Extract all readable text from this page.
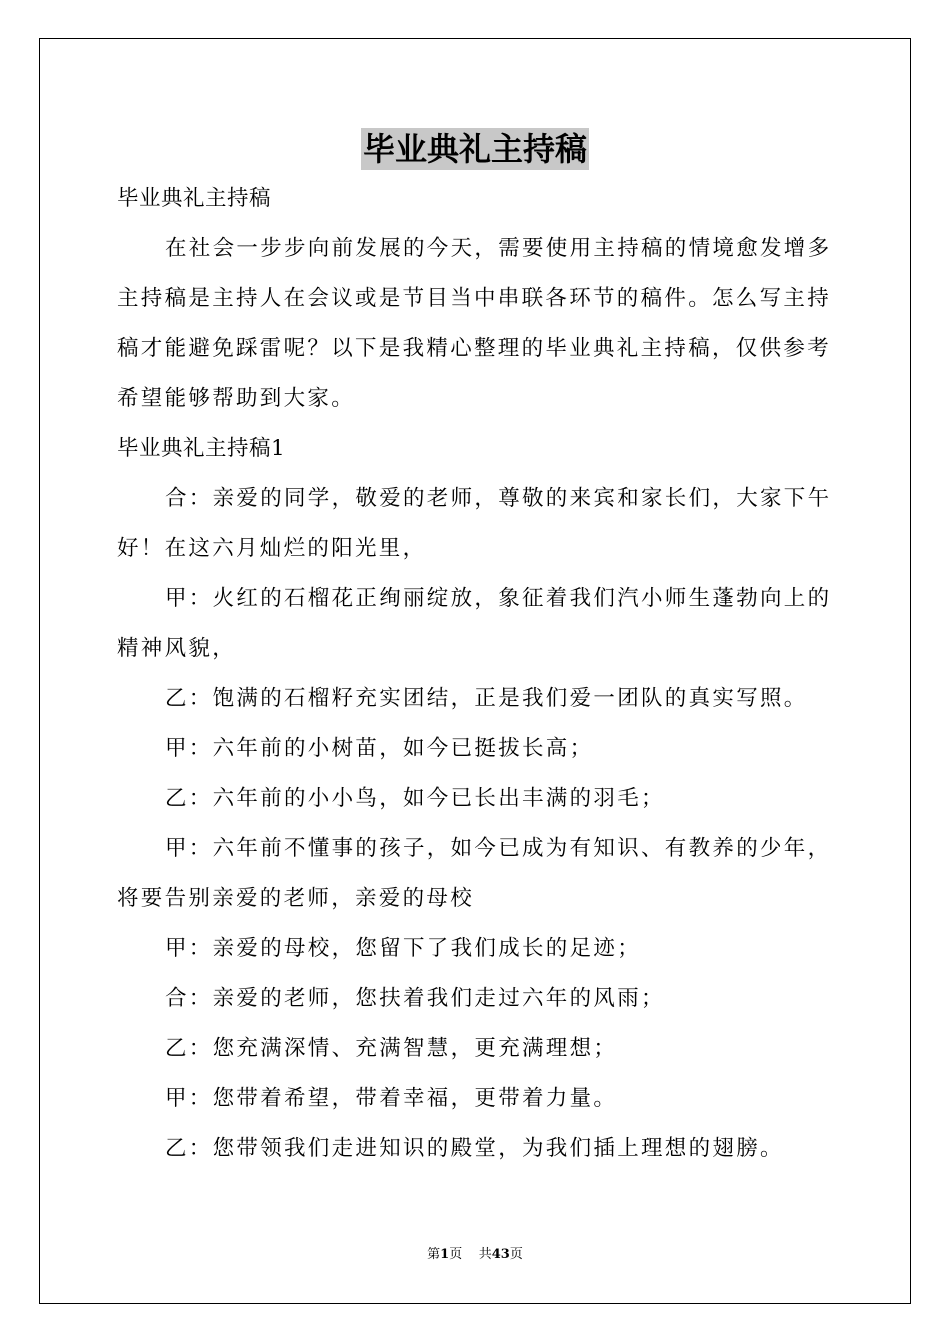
毕业典礼主持稿
毕业典礼主持稿
在社会一步步向前发展的今天，需要使用主持稿的情境愈发增多
主持稿是主持人在会议或是节目当中串联各环节的稿件。怎么写主持
稿才能避免踩雷呢？以下是我精心整理的毕业典礼主持稿，仅供参考
希望能够帮助到大家。
毕业典礼主持稿1
合：亲爱的同学，敬爱的老师，尊敬的来宾和家长们，大家下午
好！在这六月灿烂的阳光里，
甲：火红的石榴花正绚丽绽放，象征着我们汽小师生蓬勃向上的
精神风貌，
乙：饱满的石榴籽充实团结，正是我们爱一团队的真实写照。
甲：六年前的小树苗，如今已挺拔长高；
乙：六年前的小小鸟，如今已长出丰满的羽毛；
甲：六年前不懂事的孩子，如今已成为有知识、有教养的少年，
将要告别亲爱的老师，亲爱的母校
甲：亲爱的母校，您留下了我们成长的足迹；
合：亲爱的老师，您扶着我们走过六年的风雨；
乙：您充满深情、充满智慧，更充满理想；
甲：您带着希望，带着幸福，更带着力量。
乙：您带领我们走进知识的殿堂，为我们插上理想的翅膀。
第1页 共43页
